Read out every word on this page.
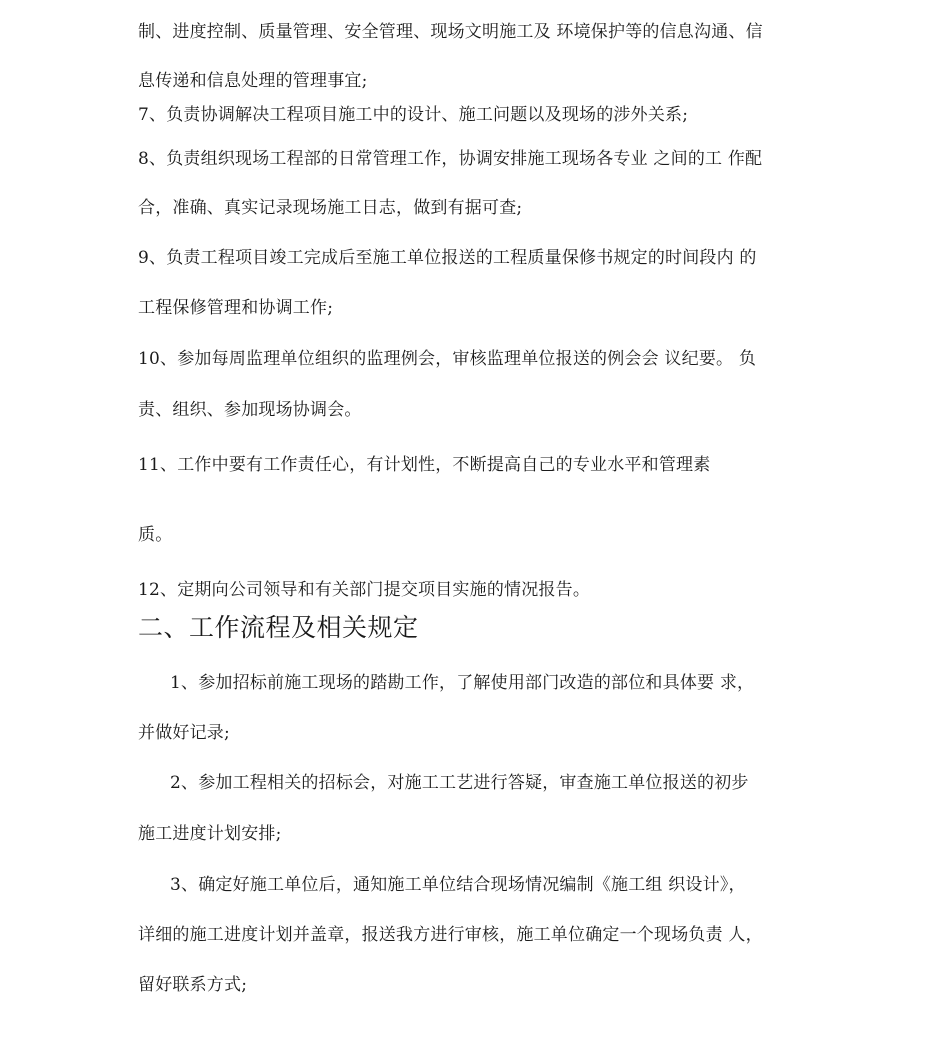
制、进度控制、质量管理、安全管理、现场文明施工及 环境保护等的信息沟通、信
息传递和信息处理的管理事宜;
7、负责协调解决工程项目施工中的设计、施工问题以及现场的涉外关系;
8、负责组织现场工程部的日常管理工作，协调安排施工现场各专业 之间的工 作配
合，准确、真实记录现场施工日志，做到有据可查;
9、负责工程项目竣工完成后至施工单位报送的工程质量保修书规定的时间段内 的
工程保修管理和协调工作;
10、参加每周监理单位组织的监理例会，审核监理单位报送的例会会 议纪要。 负
责、组织、参加现场协调会。
11、工作中要有工作责任心，有计划性，不断提高自己的专业水平和管理素
质。
12、定期向公司领导和有关部门提交项目实施的情况报告。
二、工作流程及相关规定
1、参加招标前施工现场的踏勘工作，了解使用部门改造的部位和具体要 求，
并做好记录;
2、参加工程相关的招标会，对施工工艺进行答疑，审查施工单位报送的初步
施工进度计划安排;
3、确定好施工单位后，通知施工单位结合现场情况编制《施工组 织设计》，
详细的施工进度计划并盖章，报送我方进行审核，施工单位确定一个现场负责 人，
留好联系方式;
